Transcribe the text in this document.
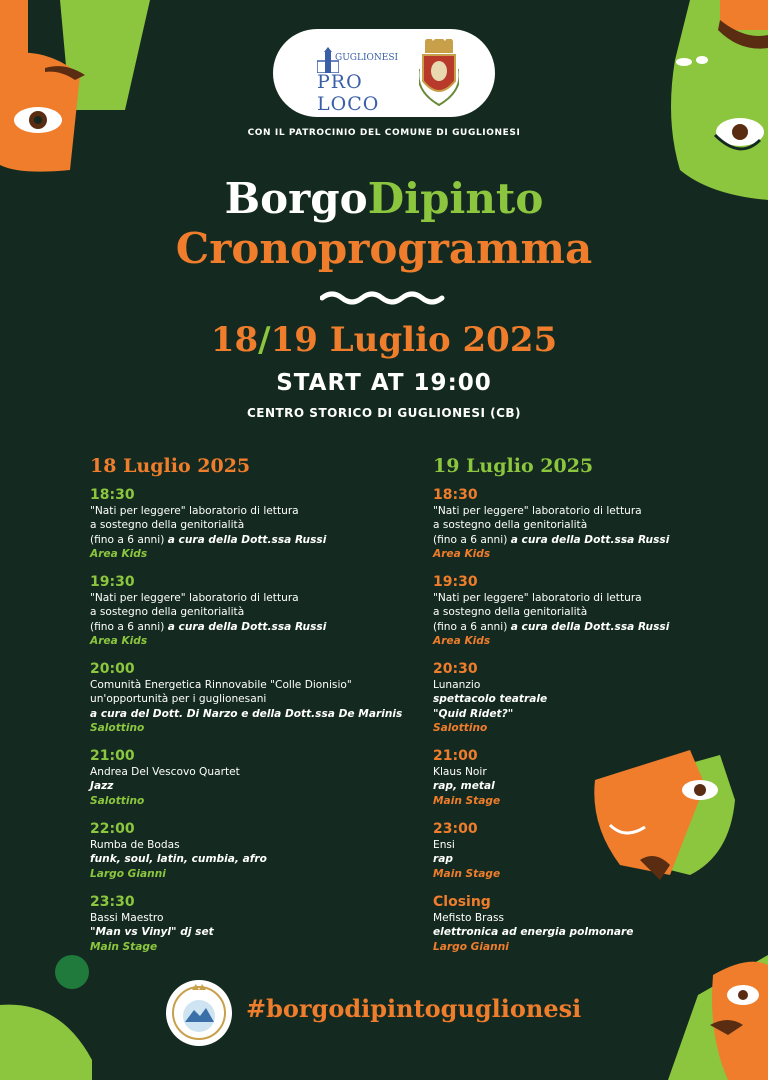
GUGLIONESI
PRO LOCO
CON IL PATROCINIO DEL COMUNE DI GUGLIONESI
BorgoDipinto
Cronoprogramma
18/19 Luglio 2025
START AT 19:00
CENTRO STORICO DI GUGLIONESI (CB)
18 Luglio 2025
18:30
"Nati per leggere" laboratorio di lettura
a sostegno della genitorialità
(fino a 6 anni) a cura della Dott.ssa Russi
Area Kids
19:30
"Nati per leggere" laboratorio di lettura
a sostegno della genitorialità
(fino a 6 anni) a cura della Dott.ssa Russi
Area Kids
20:00
Comunità Energetica Rinnovabile "Colle Dionisio"
un'opportunità per i guglionesani
a cura del Dott. Di Narzo e della Dott.ssa De Marinis
Salottino
21:00
Andrea Del Vescovo Quartet
Jazz
Salottino
22:00
Rumba de Bodas
funk, soul, latin, cumbia, afro
Largo Gianni
23:30
Bassi Maestro
"Man vs Vinyl" dj set
Main Stage
19 Luglio 2025
18:30
"Nati per leggere" laboratorio di lettura
a sostegno della genitorialità
(fino a 6 anni) a cura della Dott.ssa Russi
Area Kids
19:30
"Nati per leggere" laboratorio di lettura
a sostegno della genitorialità
(fino a 6 anni) a cura della Dott.ssa Russi
Area Kids
20:30
Lunanzio
spettacolo teatrale
"Quid Ridet?"
Salottino
21:00
Klaus Noir
rap, metal
Main Stage
23:00
Ensi
rap
Main Stage
Closing
Mefisto Brass
elettronica ad energia polmonare
Largo Gianni
#borgodipintoguglionesi
